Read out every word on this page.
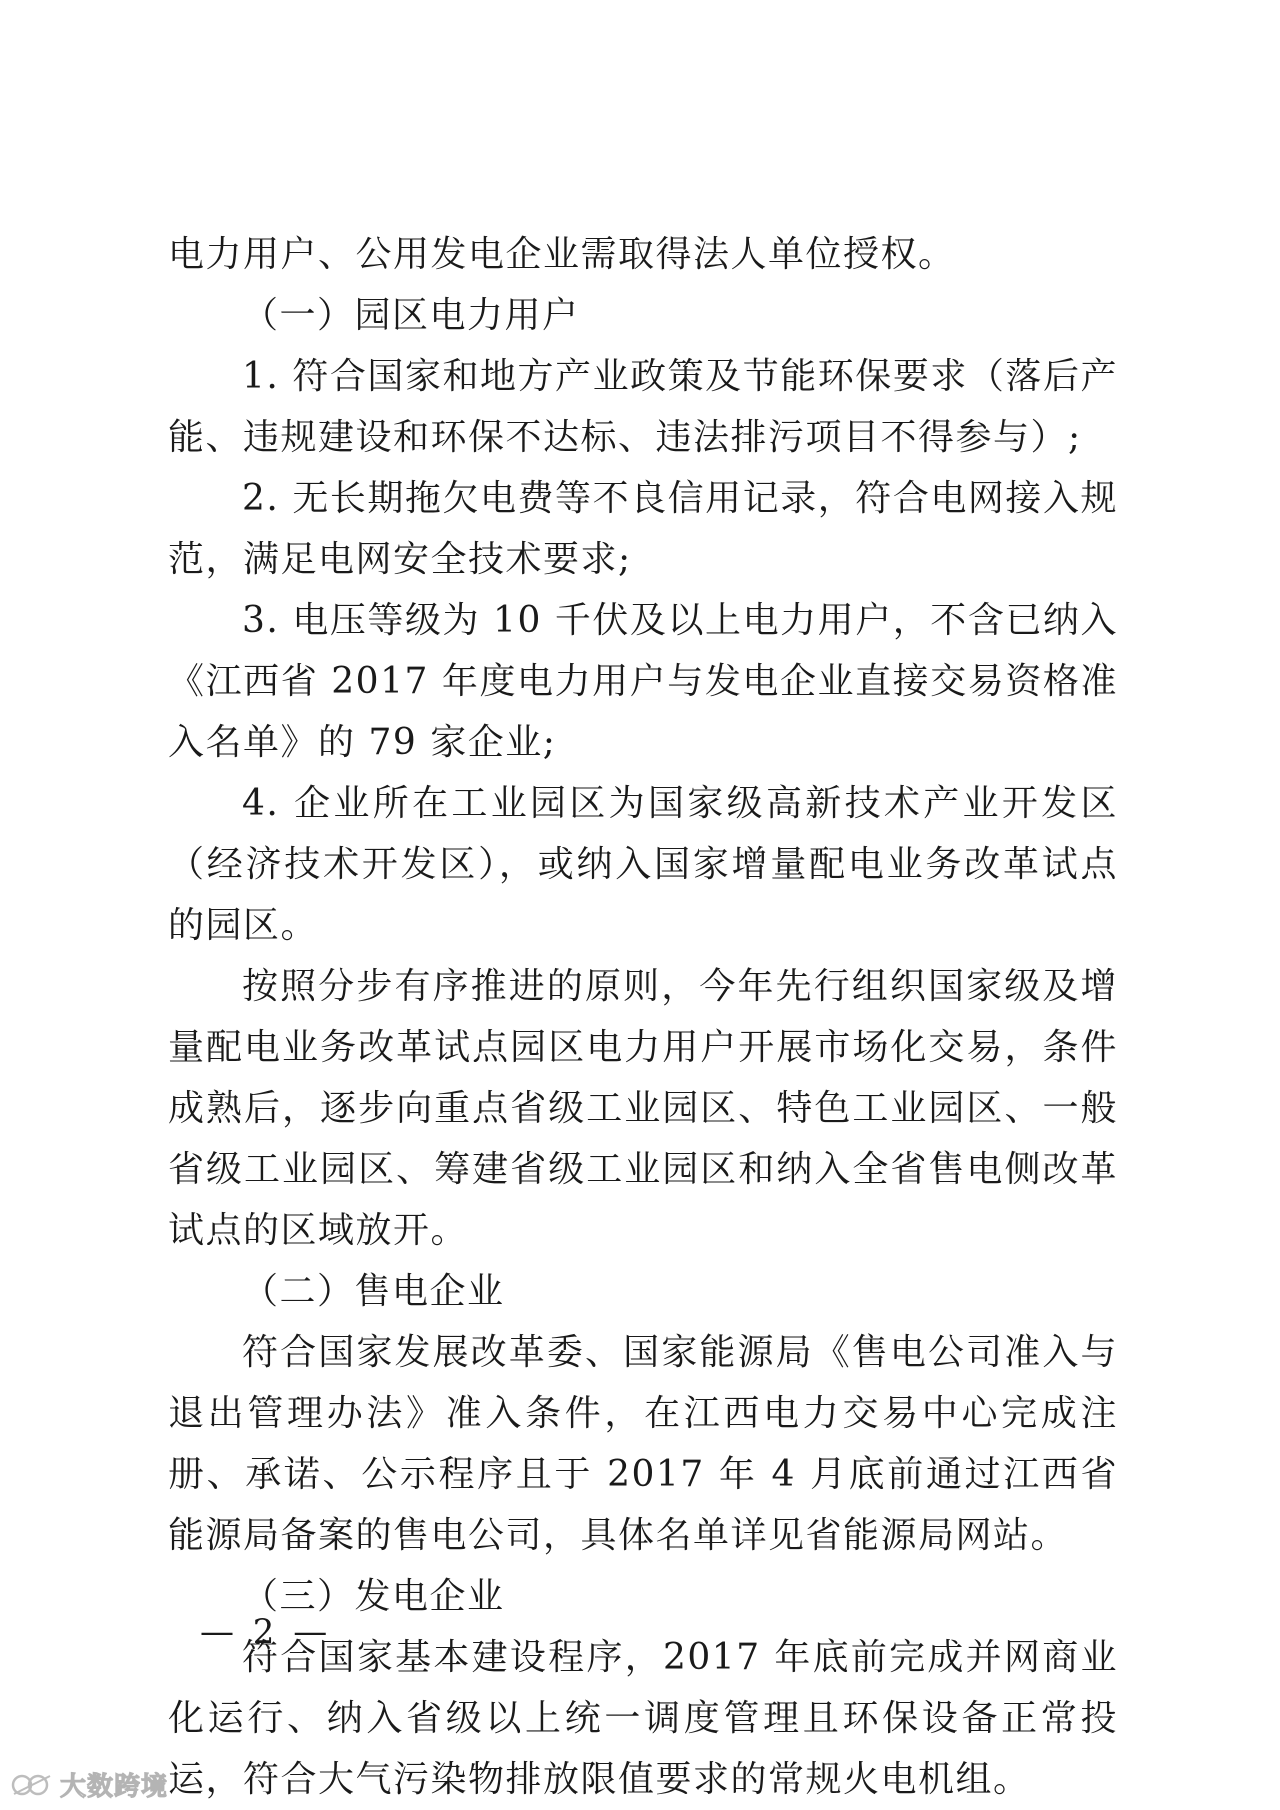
电力用户、公用发电企业需取得法人单位授权。

（一）园区电力用户

1. 符合国家和地方产业政策及节能环保要求（落后产能、违规建设和环保不达标、违法排污项目不得参与）;

2. 无长期拖欠电费等不良信用记录，符合电网接入规范，满足电网安全技术要求;

3. 电压等级为 10 千伏及以上电力用户，不含已纳入《江西省 2017 年度电力用户与发电企业直接交易资格准入名单》的 79 家企业;

4. 企业所在工业园区为国家级高新技术产业开发区（经济技术开发区），或纳入国家增量配电业务改革试点的园区。

按照分步有序推进的原则，今年先行组织国家级及增量配电业务改革试点园区电力用户开展市场化交易，条件成熟后，逐步向重点省级工业园区、特色工业园区、一般省级工业园区、筹建省级工业园区和纳入全省售电侧改革试点的区域放开。

（二）售电企业

符合国家发展改革委、国家能源局《售电公司准入与退出管理办法》准入条件，在江西电力交易中心完成注册、承诺、公示程序且于 2017 年 4 月底前通过江西省能源局备案的售电公司，具体名单详见省能源局网站。

（三）发电企业

符合国家基本建设程序，2017 年底前完成并网商业化运行、纳入省级以上统一调度管理且环保设备正常投运，符合大气污染物排放限值要求的常规火电机组。

— 2 —
大数跨境
